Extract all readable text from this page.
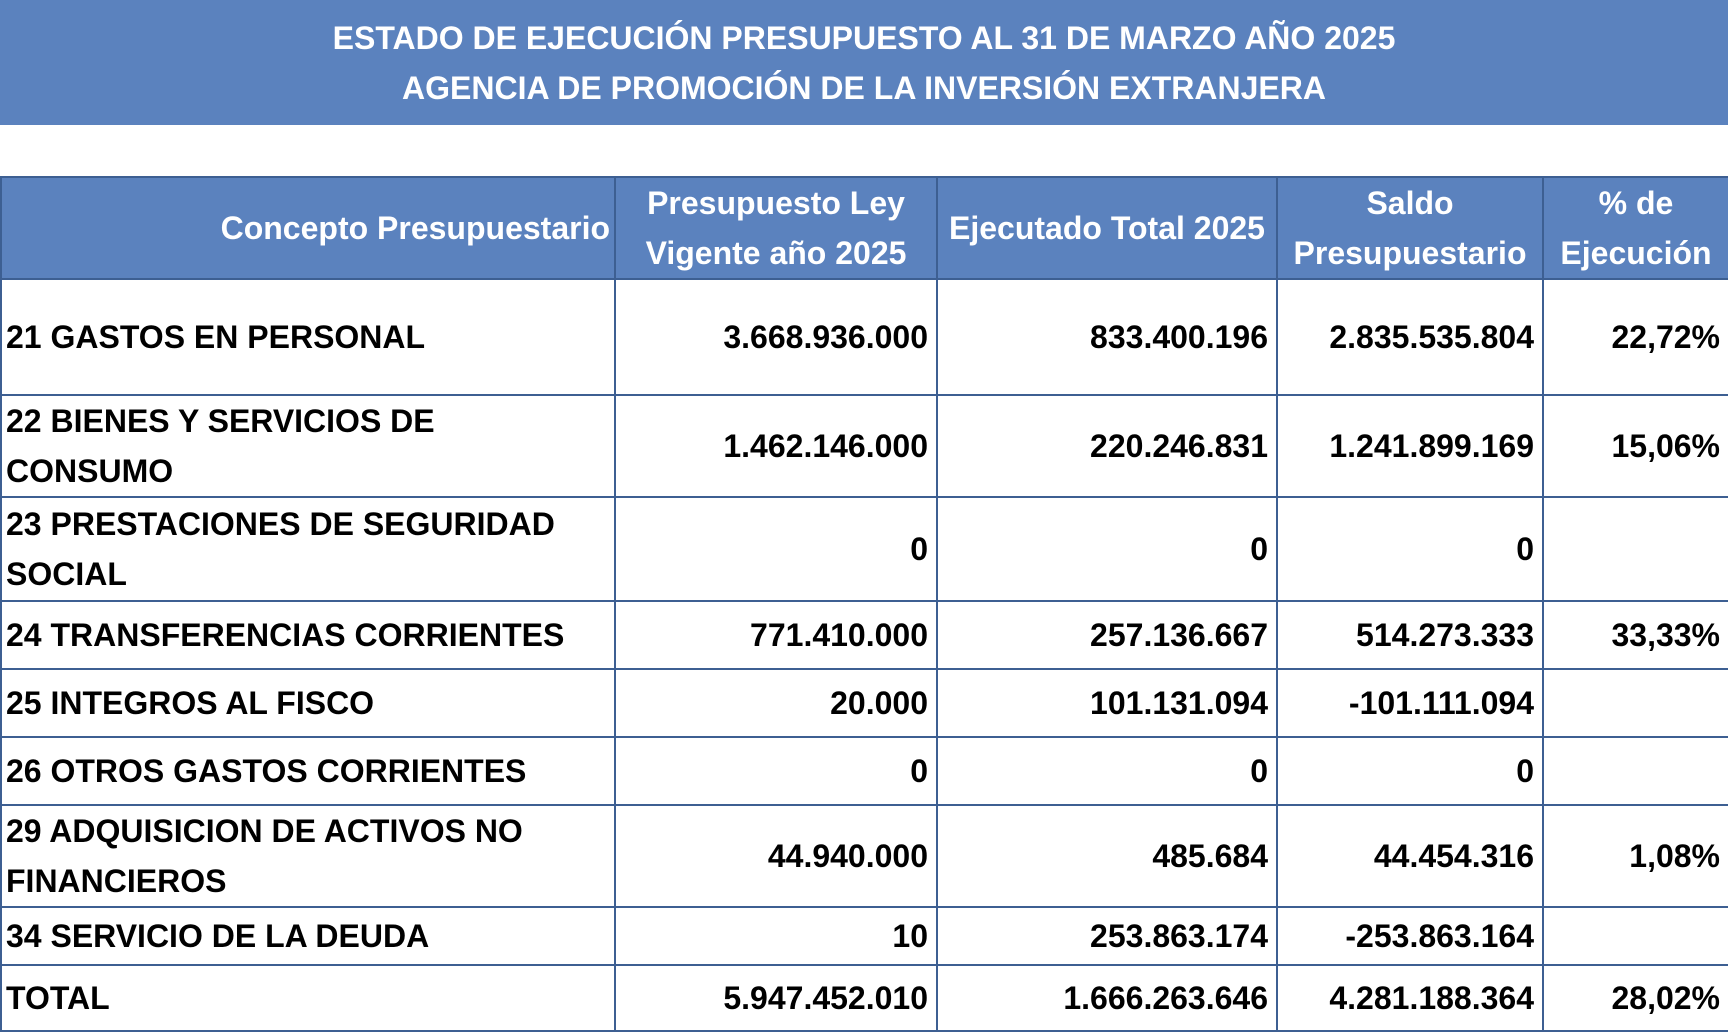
ESTADO DE EJECUCIÓN PRESUPUESTO AL 31 DE MARZO AÑO 2025
AGENCIA DE PROMOCIÓN DE LA INVERSIÓN EXTRANJERA
Concepto Presupuestario	Presupuesto Ley Vigente año 2025	Ejecutado Total 2025	Saldo Presupuestario	% de Ejecución
21 GASTOS EN PERSONAL	3.668.936.000	833.400.196	2.835.535.804	22,72%
22 BIENES Y SERVICIOS DE CONSUMO	1.462.146.000	220.246.831	1.241.899.169	15,06%
23 PRESTACIONES DE SEGURIDAD SOCIAL	0	0	0	
24 TRANSFERENCIAS CORRIENTES	771.410.000	257.136.667	514.273.333	33,33%
25 INTEGROS AL FISCO	20.000	101.131.094	-101.111.094	
26 OTROS GASTOS CORRIENTES	0	0	0	
29 ADQUISICION DE ACTIVOS NO FINANCIEROS	44.940.000	485.684	44.454.316	1,08%
34 SERVICIO DE LA DEUDA	10	253.863.174	-253.863.164	
TOTAL	5.947.452.010	1.666.263.646	4.281.188.364	28,02%
